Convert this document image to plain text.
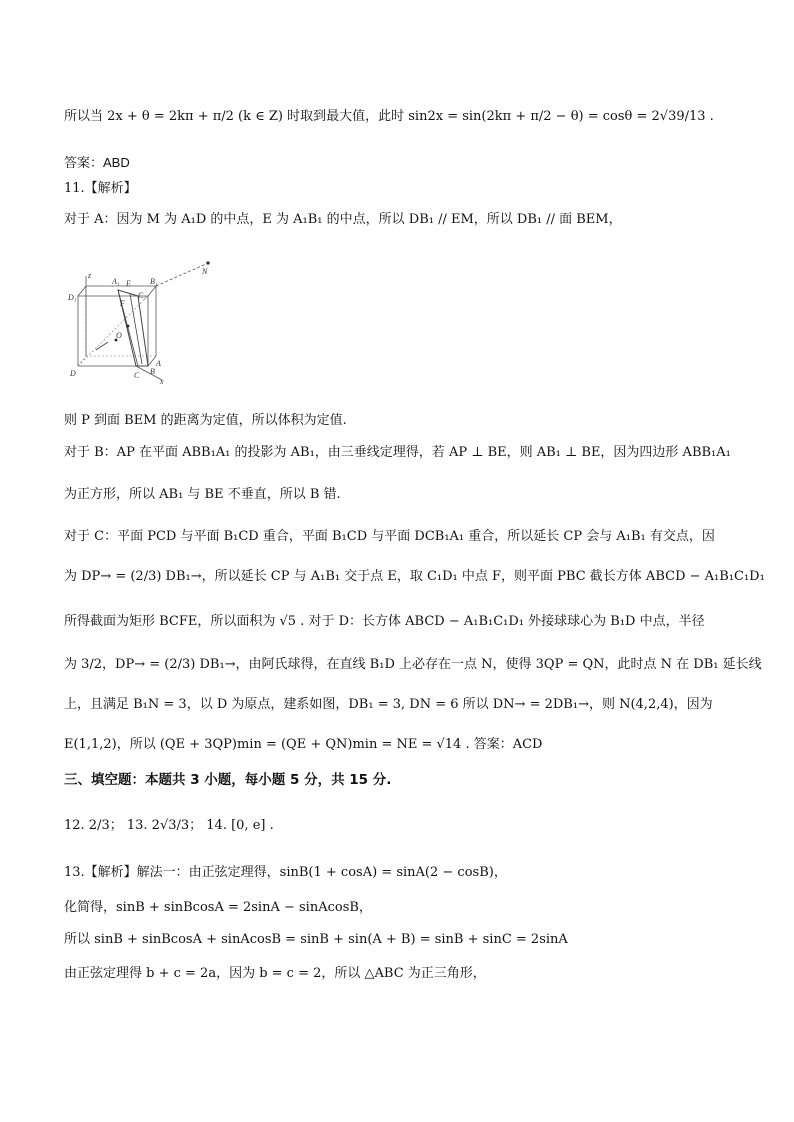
所以当 2x + θ = 2kπ + π/2 (k ∈ Z) 时取到最大值，此时 sin2x = sin(2kπ + π/2 − θ) = cosθ = 2√39/13 .
答案：ABD
11.【解析】
对于 A：因为 M 为 A₁D 的中点，E 为 A₁B₁ 的中点，所以 DB₁ // EM，所以 DB₁ // 面 BEM，
z
A₁ E B₁
D₁	C₁
F
O
N
D	C
A
B
x
则 P 到面 BEM 的距离为定值，所以体积为定值.
对于 B：AP 在平面 ABB₁A₁ 的投影为 AB₁，由三垂线定理得，若 AP ⊥ BE，则 AB₁ ⊥ BE，因为四边形 ABB₁A₁
为正方形，所以 AB₁ 与 BE 不垂直，所以 B 错.
对于 C：平面 PCD 与平面 B₁CD 重合，平面 B₁CD 与平面 DCB₁A₁ 重合，所以延长 CP 会与 A₁B₁ 有交点，因
为 DP→ = (2/3) DB₁→，所以延长 CP 与 A₁B₁ 交于点 E，取 C₁D₁ 中点 F，则平面 PBC 截长方体 ABCD − A₁B₁C₁D₁
所得截面为矩形 BCFE，所以面积为 √5 . 对于 D：长方体 ABCD − A₁B₁C₁D₁ 外接球球心为 B₁D 中点，半径
为 3/2，DP→ = (2/3) DB₁→，由阿氏球得，在直线 B₁D 上必存在一点 N，使得 3QP = QN，此时点 N 在 DB₁ 延长线
上，且满足 B₁N = 3，以 D 为原点，建系如图，DB₁ = 3, DN = 6 所以 DN→ = 2DB₁→，则 N(4,2,4)，因为
E(1,1,2)，所以 (QE + 3QP)min = (QE + QN)min = NE = √14 . 答案：ACD
三、填空题：本题共 3 小题，每小题 5 分，共 15 分.
12. 2/3； 13. 2√3/3； 14. [0, e] .
13.【解析】解法一：由正弦定理得，sinB(1 + cosA) = sinA(2 − cosB)，
化简得，sinB + sinBcosA = 2sinA − sinAcosB，
所以 sinB + sinBcosA + sinAcosB = sinB + sin(A + B) = sinB + sinC = 2sinA
由正弦定理得 b + c = 2a，因为 b = c = 2，所以 △ABC 为正三角形，
